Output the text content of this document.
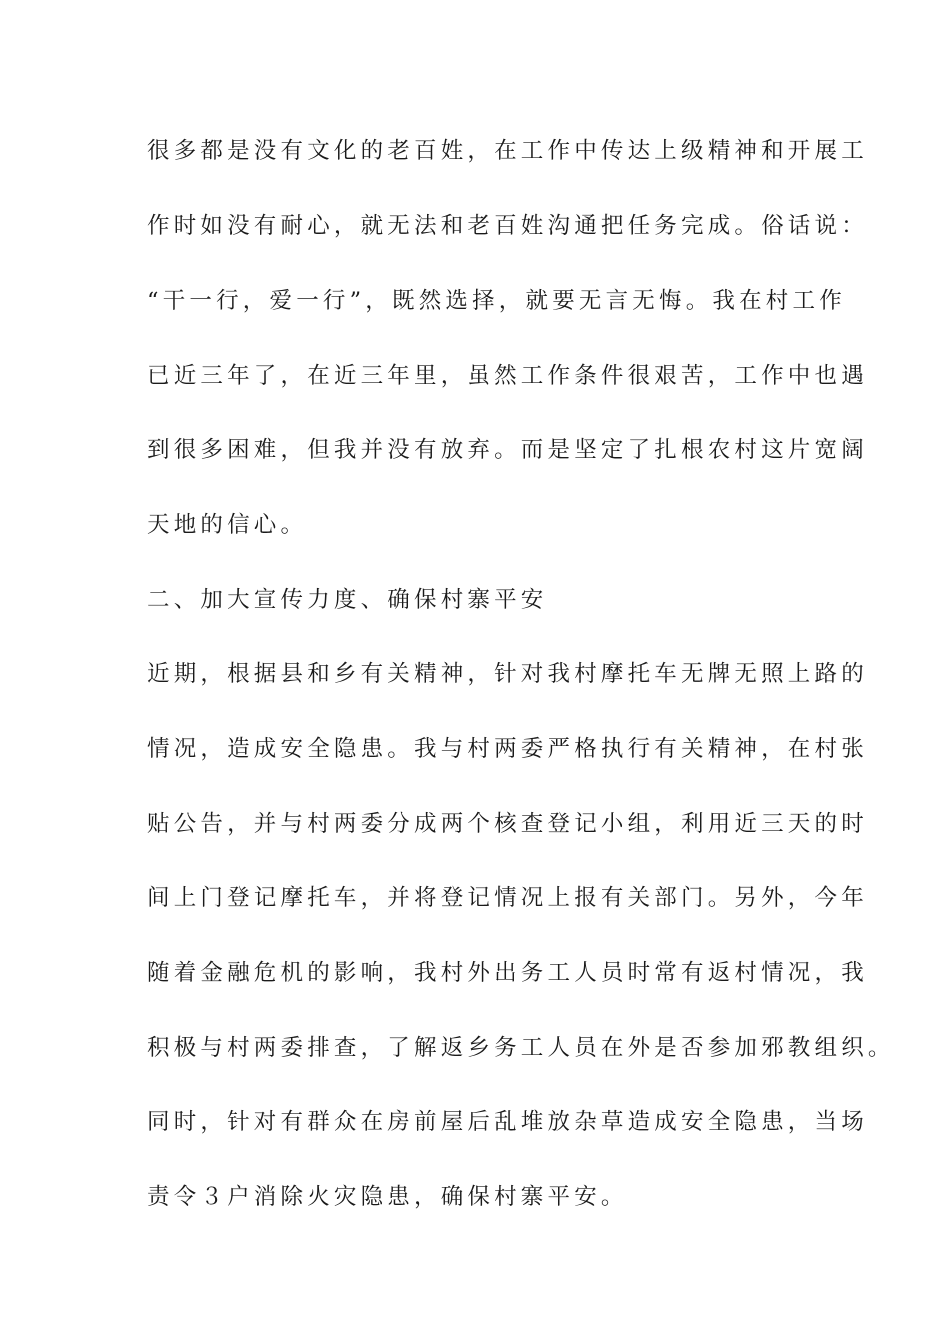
很多都是没有文化的老百姓，在工作中传达上级精神和开展工
作时如没有耐心，就无法和老百姓沟通把任务完成。俗话说：
“干一行，爱一行”，既然选择，就要无言无悔。我在村工作
已近三年了，在近三年里，虽然工作条件很艰苦，工作中也遇
到很多困难，但我并没有放弃。而是坚定了扎根农村这片宽阔
天地的信心。
二、加大宣传力度、确保村寨平安
近期，根据县和乡有关精神，针对我村摩托车无牌无照上路的
情况，造成安全隐患。我与村两委严格执行有关精神，在村张
贴公告，并与村两委分成两个核查登记小组，利用近三天的时
间上门登记摩托车，并将登记情况上报有关部门。另外，今年
随着金融危机的影响，我村外出务工人员时常有返村情况，我
积极与村两委排查，了解返乡务工人员在外是否参加邪教组织。
同时，针对有群众在房前屋后乱堆放杂草造成安全隐患，当场
责令３户消除火灾隐患，确保村寨平安。
